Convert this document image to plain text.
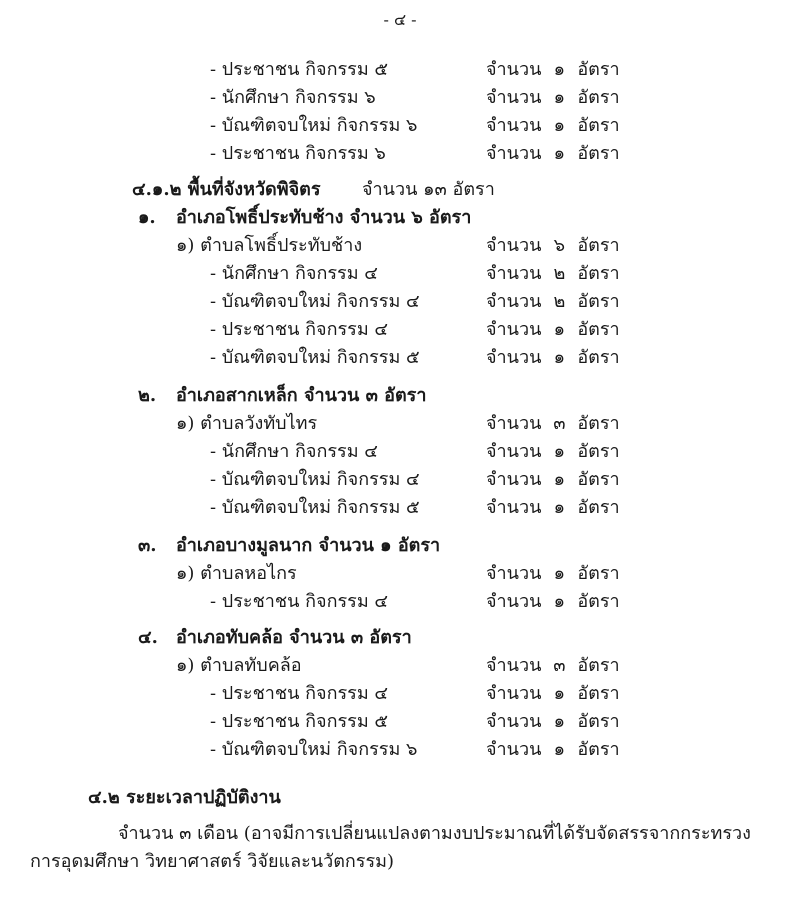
- ๔ -
- ประชาชน กิจกรรม ๕	จำนวน ๑ อัตรา
- นักศึกษา กิจกรรม ๖	จำนวน ๑ อัตรา
- บัณฑิตจบใหม่ กิจกรรม ๖	จำนวน ๑ อัตรา
- ประชาชน กิจกรรม ๖	จำนวน ๑ อัตรา
๔.๑.๒ พื้นที่จังหวัดพิจิตร จำนวน ๑๓ อัตรา
๑. อำเภอโพธิ์ประทับช้าง จำนวน ๖ อัตรา
๑) ตำบลโพธิ์ประทับช้าง	จำนวน ๖ อัตรา
- นักศึกษา กิจกรรม ๔	จำนวน ๒ อัตรา
- บัณฑิตจบใหม่ กิจกรรม ๔	จำนวน ๒ อัตรา
- ประชาชน กิจกรรม ๔	จำนวน ๑ อัตรา
- บัณฑิตจบใหม่ กิจกรรม ๕	จำนวน ๑ อัตรา
๒. อำเภอสากเหล็ก จำนวน ๓ อัตรา
๑) ตำบลวังทับไทร	จำนวน ๓ อัตรา
- นักศึกษา กิจกรรม ๔	จำนวน ๑ อัตรา
- บัณฑิตจบใหม่ กิจกรรม ๔	จำนวน ๑ อัตรา
- บัณฑิตจบใหม่ กิจกรรม ๕	จำนวน ๑ อัตรา
๓. อำเภอบางมูลนาก จำนวน ๑ อัตรา
๑) ตำบลหอไกร	จำนวน ๑ อัตรา
- ประชาชน กิจกรรม ๔	จำนวน ๑ อัตรา
๔. อำเภอทับคล้อ จำนวน ๓ อัตรา
๑) ตำบลทับคล้อ	จำนวน ๓ อัตรา
- ประชาชน กิจกรรม ๔	จำนวน ๑ อัตรา
- ประชาชน กิจกรรม ๕	จำนวน ๑ อัตรา
- บัณฑิตจบใหม่ กิจกรรม ๖	จำนวน ๑ อัตรา
๔.๒ ระยะเวลาปฏิบัติงาน
จำนวน ๓ เดือน (อาจมีการเปลี่ยนแปลงตามงบประมาณที่ได้รับจัดสรรจากกระทรวง
การอุดมศึกษา วิทยาศาสตร์ วิจัยและนวัตกรรม)
